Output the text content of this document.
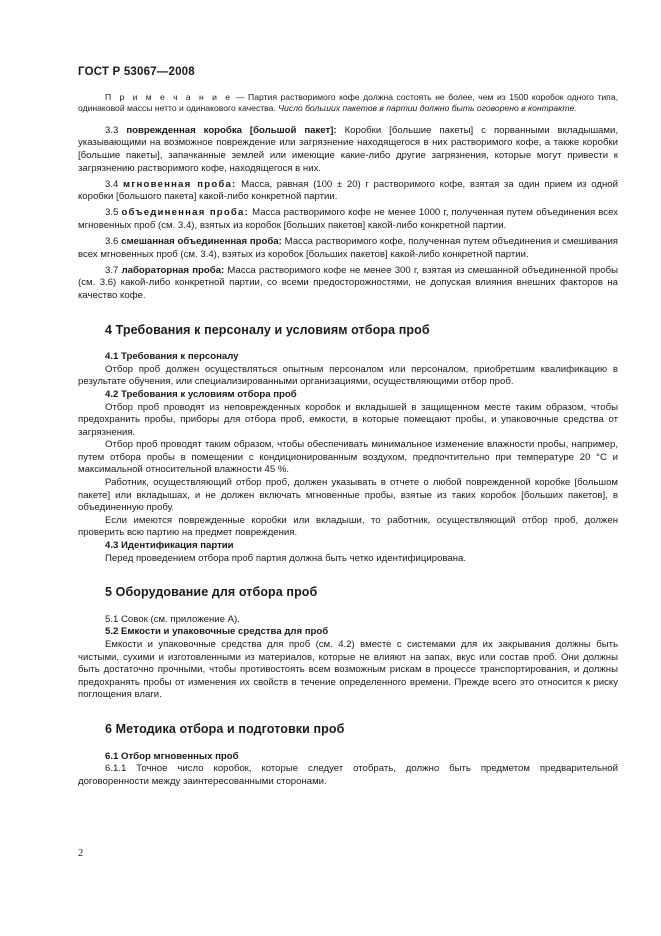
ГОСТ Р 53067—2008

П р и м е ч а н и е — Партия растворимого кофе должна состоять не более, чем из 1500 коробок одного типа, одинаковой массы нетто и одинакового качества. Число больших пакетов в партии должно быть оговорено в контракте.

3.3 поврежденная коробка [большой пакет]: Коробки [большие пакеты] с порванными вкладышами, указывающими на возможное повреждение или загрязнение находящегося в них растворимого кофе, а также коробки [большие пакеты], запачканные землей или имеющие какие-либо другие загрязнения, которые могут привести к загрязнению растворимого кофе, находящегося в них.

3.4 мгновенная проба: Масса, равная (100 ± 20) г растворимого кофе, взятая за один прием из одной коробки [большого пакета] какой-либо конкретной партии.

3.5 объединенная проба: Масса растворимого кофе не менее 1000 г, полученная путем объединения всех мгновенных проб (см. 3.4), взятых из коробок [больших пакетов] какой-либо конкретной партии.

3.6 смешанная объединенная проба: Масса растворимого кофе, полученная путем объединения и смешивания всех мгновенных проб (см. 3.4), взятых из коробок [больших пакетов] какой-либо конкретной партии.

3.7 лабораторная проба: Масса растворимого кофе не менее 300 г, взятая из смешанной объединенной пробы (см. 3.6) какой-либо конкретной партии, со всеми предосторожностями, не допуская влияния внешних факторов на качество кофе.

4 Требования к персоналу и условиям отбора проб
4.1 Требования к персоналу

Отбор проб должен осуществляться опытным персоналом или персоналом, приобретшим квалификацию в результате обучения, или специализированными организациями, осуществляющими отбор проб.

4.2 Требования к условиям отбора проб

Отбор проб проводят из неповрежденных коробок и вкладышей в защищенном месте таким образом, чтобы предохранить пробы, приборы для отбора проб, емкости, в которые помещают пробы, и упаковочные средства от загрязнения.

Отбор проб проводят таким образом, чтобы обеспечивать минимальное изменение влажности пробы, например, путем отбора пробы в помещении с кондиционированным воздухом, предпочтительно при температуре 20 °С и максимальной относительной влажности 45 %.

Работник, осуществляющий отбор проб, должен указывать в отчете о любой поврежденной коробке [большом пакете] или вкладышах, и не должен включать мгновенные пробы, взятые из таких коробок [больших пакетов], в объединенную пробу.

Если имеются поврежденные коробки или вкладыши, то работник, осуществляющий отбор проб, должен проверить всю партию на предмет повреждения.

4.3 Идентификация партии

Перед проведением отбора проб партия должна быть четко идентифицирована.

5 Оборудование для отбора проб

5.1 Совок (см. приложение А).

5.2 Емкости и упаковочные средства для проб

Емкости и упаковочные средства для проб (см. 4.2) вместе с системами для их закрывания должны быть чистыми, сухими и изготовленными из материалов, которые не влияют на запах, вкус или состав проб. Они должны быть достаточно прочными, чтобы противостоять всем возможным рискам в процессе транспортирования, и должны предохранять пробы от изменения их свойств в течение определенного времени. Прежде всего это относится к риску поглощения влаги.

6 Методика отбора и подготовки проб
6.1 Отбор мгновенных проб

6.1.1 Точное число коробок, которые следует отобрать, должно быть предметом предварительной договоренности между заинтересованными сторонами.

2
